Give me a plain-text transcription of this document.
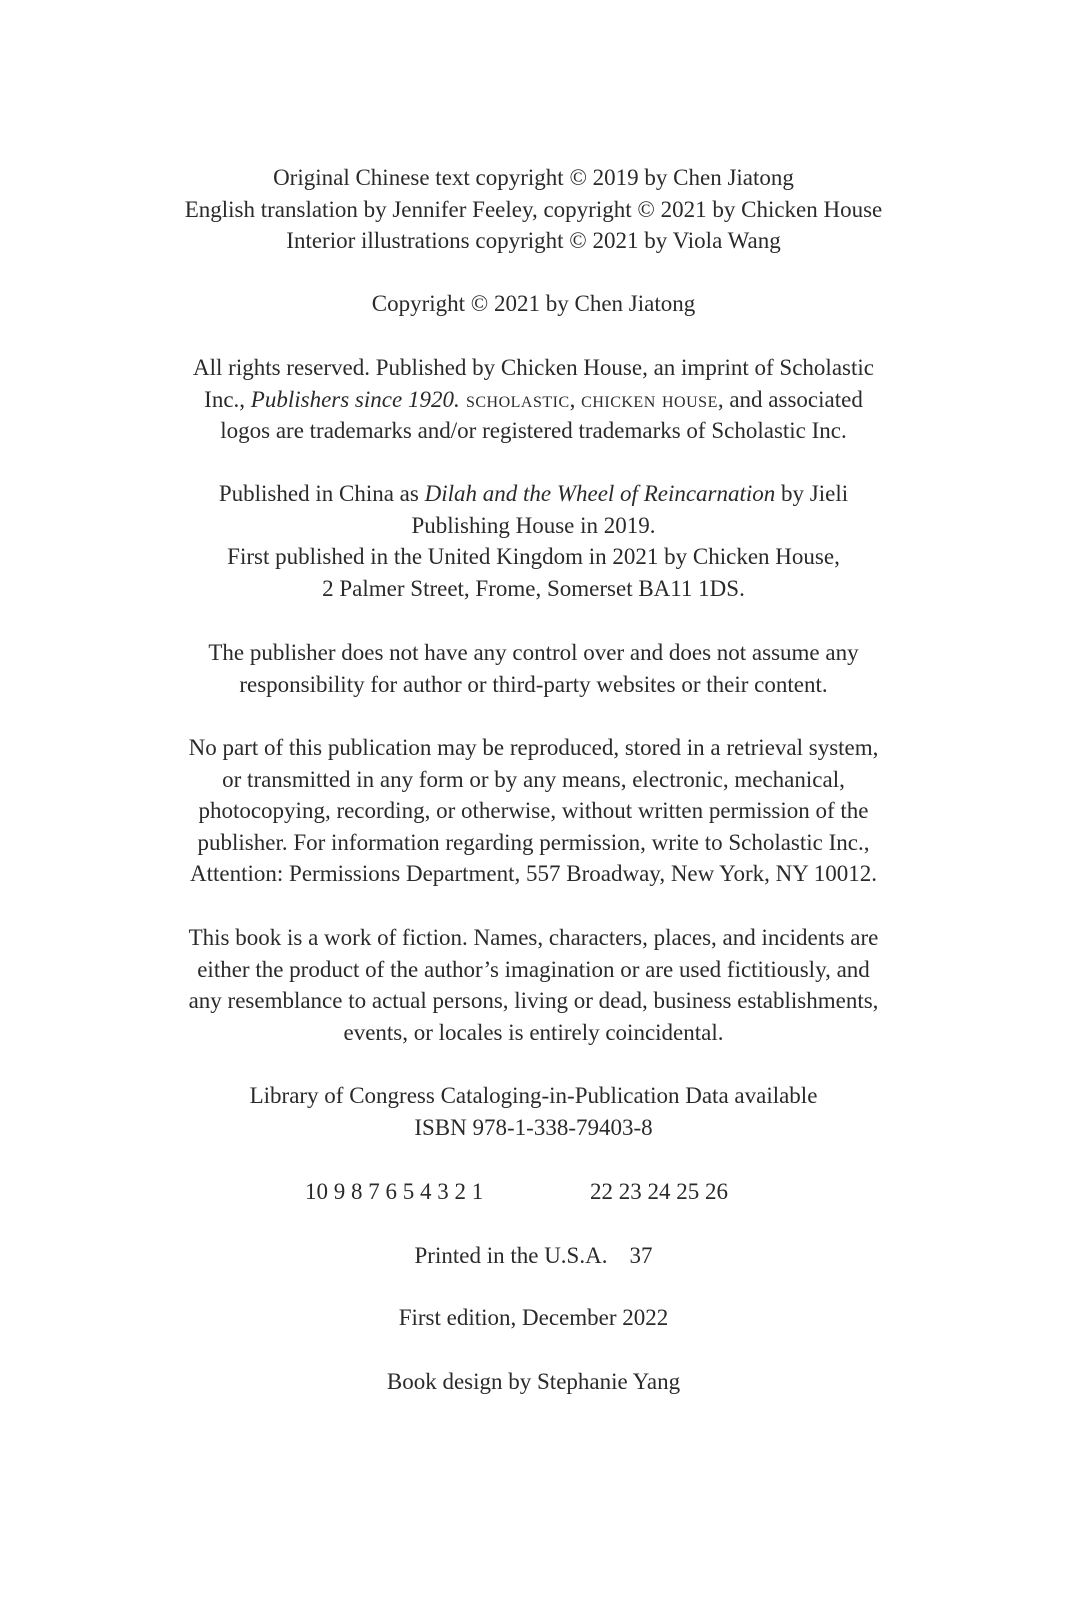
Original Chinese text copyright © 2019 by Chen Jiatong
English translation by Jennifer Feeley, copyright © 2021 by Chicken House
Interior illustrations copyright © 2021 by Viola Wang

Copyright © 2021 by Chen Jiatong

All rights reserved. Published by Chicken House, an imprint of Scholastic
Inc., Publishers since 1920. scholastic, chicken house, and associated
logos are trademarks and/or registered trademarks of Scholastic Inc.

Published in China as Dilah and the Wheel of Reincarnation by Jieli
Publishing House in 2019.
First published in the United Kingdom in 2021 by Chicken House,
2 Palmer Street, Frome, Somerset BA11 1DS.

The publisher does not have any control over and does not assume any
responsibility for author or third-party websites or their content.

No part of this publication may be reproduced, stored in a retrieval system,
or transmitted in any form or by any means, electronic, mechanical,
photocopying, recording, or otherwise, without written permission of the
publisher. For information regarding permission, write to Scholastic Inc.,
Attention: Permissions Department, 557 Broadway, New York, NY 10012.

This book is a work of fiction. Names, characters, places, and incidents are
either the product of the author’s imagination or are used fictitiously, and
any resemblance to actual persons, living or dead, business establishments,
events, or locales is entirely coincidental.

Library of Congress Cataloging-in-Publication Data available
ISBN 978-1-338-79403-8

10 9 8 7 6 5 4 3 2 1	22 23 24 25 26
Printed in the U.S.A. 37

First edition, December 2022

Book design by Stephanie Yang
